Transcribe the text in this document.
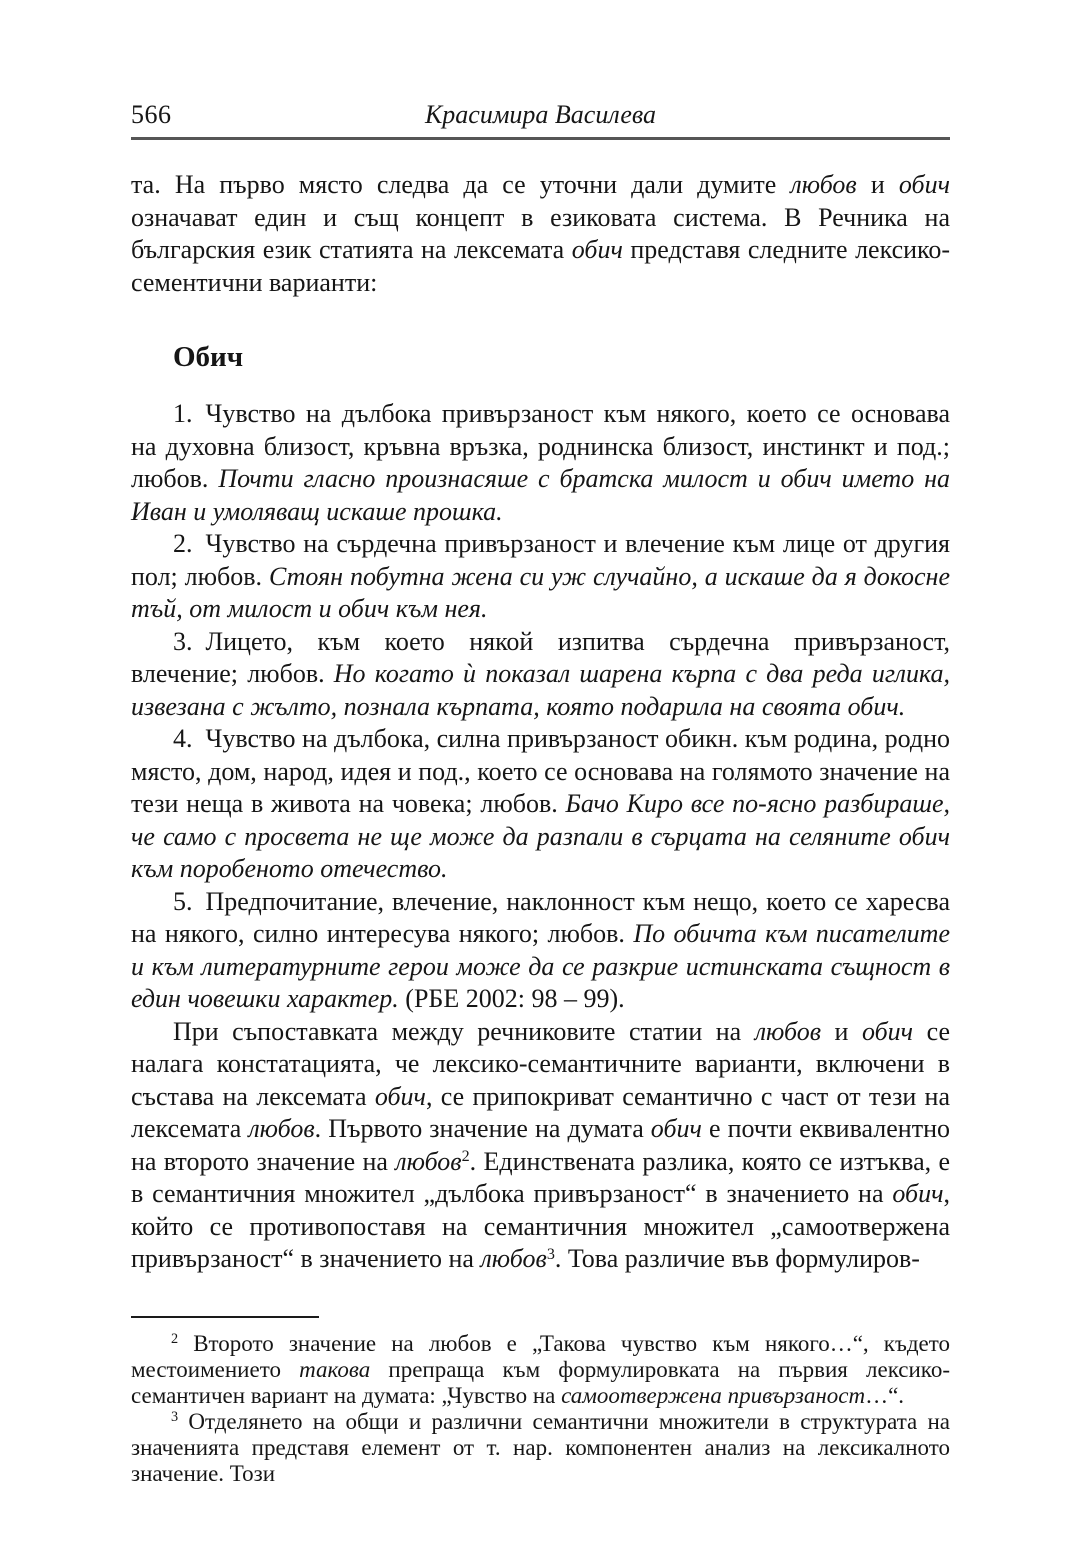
566	Красимира Василева

та. На първо място следва да се уточни дали думите любов и обич означават един и същ концепт в езиковата система. В Речника на българския език статията на лексемата обич представя следните лексико-сементични варианти:

Обич

1. Чувство на дълбока привързаност към някого, което се основава на духовна близост, кръвна връзка, роднинска близост, инстинкт и под.; любов. Почти гласно произнасяше с братска милост и обич името на Иван и умоляващ искаше прошка.

2. Чувство на сърдечна привързаност и влечение към лице от другия пол; любов. Стоян побутна жена си уж случайно, а искаше да я докосне тъй, от милост и обич към нея.

3. Лицето, към което някой изпитва сърдечна привързаност, влечение; любов. Но когато ѝ показал шарена кърпа с два реда иглика, извезана с жълто, познала кърпата, която подарила на своята обич.

4. Чувство на дълбока, силна привързаност обикн. към родина, родно място, дом, народ, идея и под., което се основава на голямото значение на тези неща в живота на човека; любов. Бачо Киро все по-ясно разбираше, че само с просвета не ще може да разпали в сърцата на селяните обич към поробеното отечество.

5. Предпочитание, влечение, наклонност към нещо, което се харесва на някого, силно интересува някого; любов. По обичта към писателите и към литературните герои може да се разкрие истинската същност в един човешки характер. (РБЕ 2002: 98 – 99).

При съпоставката между речниковите статии на любов и обич се налага констатацията, че лексико-семантичните варианти, включени в състава на лексемата обич, се припокриват семантично с част от тези на лексемата любов. Първото значение на думата обич е почти еквивалентно на второто значение на любов$^2$. Единствената разлика, която се изтъква, е в семантичния множител „дълбока привързаност“ в значението на обич, който се противопоставя на семантичния множител „самоотвержена привързаност“ в значението на любов$^3$. Това различие във формулиров-

$^2$ Второто значение на любов е „Такова чувство към някого…“, където местоимението такова препраща към формулировката на първия лексико-семантичен вариант на думата: „Чувство на самоотвержена привързаност…“.

$^3$ Отделянето на общи и различни семантични множители в структурата на значенията представя елемент от т. нар. компонентен анализ на лексикалното значение. Този
